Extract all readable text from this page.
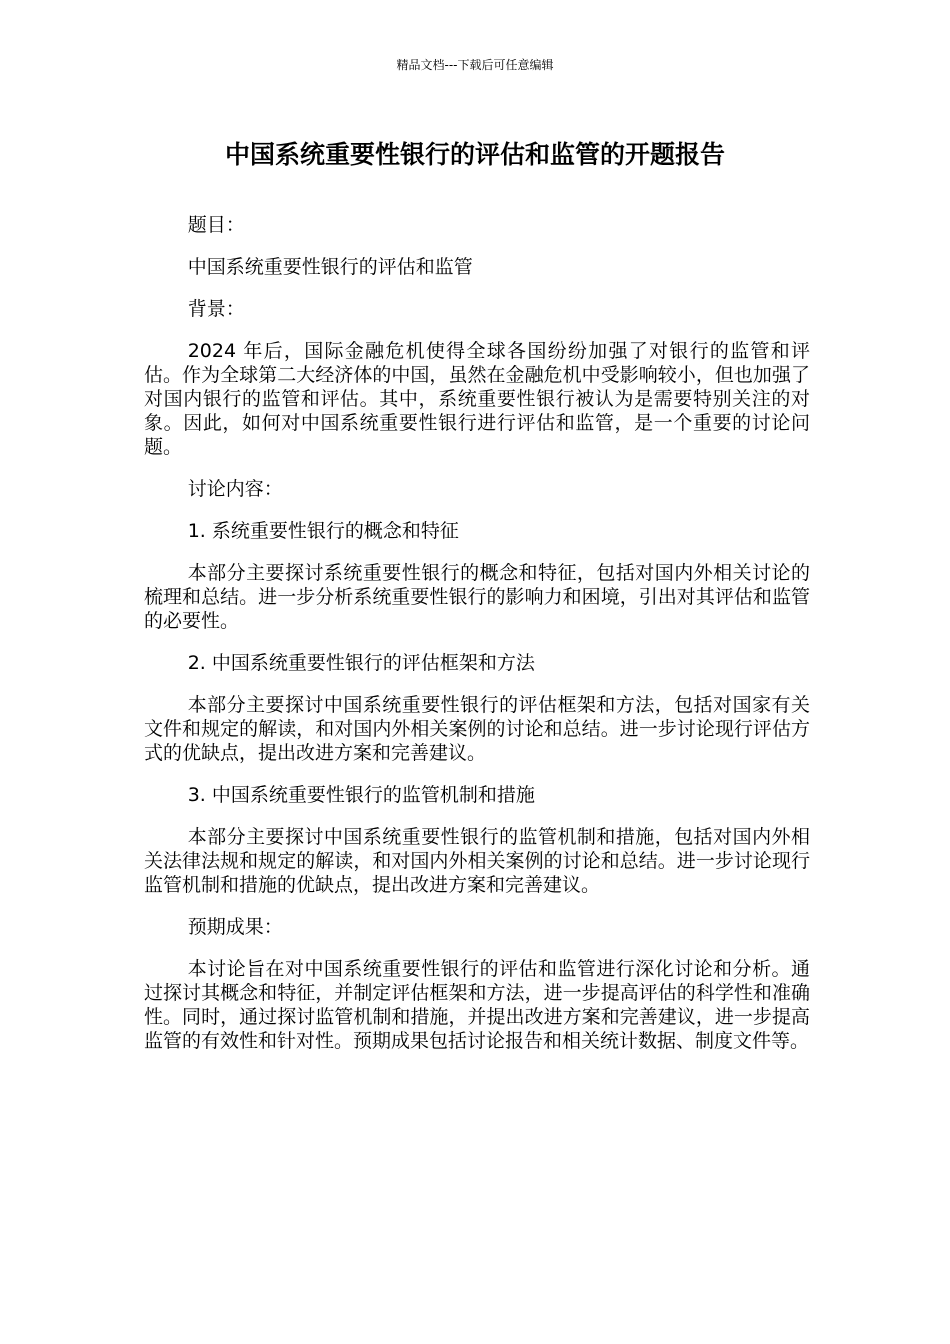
精品文档---下载后可任意编辑
中国系统重要性银行的评估和监管的开题报告

题目：

中国系统重要性银行的评估和监管

背景：

2024 年后，国际金融危机使得全球各国纷纷加强了对银行的监管和评估。作为全球第二大经济体的中国，虽然在金融危机中受影响较小，但也加强了对国内银行的监管和评估。其中，系统重要性银行被认为是需要特别关注的对象。因此，如何对中国系统重要性银行进行评估和监管，是一个重要的讨论问题。

讨论内容：

1. 系统重要性银行的概念和特征

本部分主要探讨系统重要性银行的概念和特征，包括对国内外相关讨论的梳理和总结。进一步分析系统重要性银行的影响力和困境，引出对其评估和监管的必要性。

2. 中国系统重要性银行的评估框架和方法

本部分主要探讨中国系统重要性银行的评估框架和方法，包括对国家有关文件和规定的解读，和对国内外相关案例的讨论和总结。进一步讨论现行评估方式的优缺点，提出改进方案和完善建议。

3. 中国系统重要性银行的监管机制和措施

本部分主要探讨中国系统重要性银行的监管机制和措施，包括对国内外相关法律法规和规定的解读，和对国内外相关案例的讨论和总结。进一步讨论现行监管机制和措施的优缺点，提出改进方案和完善建议。

预期成果：

本讨论旨在对中国系统重要性银行的评估和监管进行深化讨论和分析。通过探讨其概念和特征，并制定评估框架和方法，进一步提高评估的科学性和准确性。同时，通过探讨监管机制和措施，并提出改进方案和完善建议，进一步提高监管的有效性和针对性。预期成果包括讨论报告和相关统计数据、制度文件等。
